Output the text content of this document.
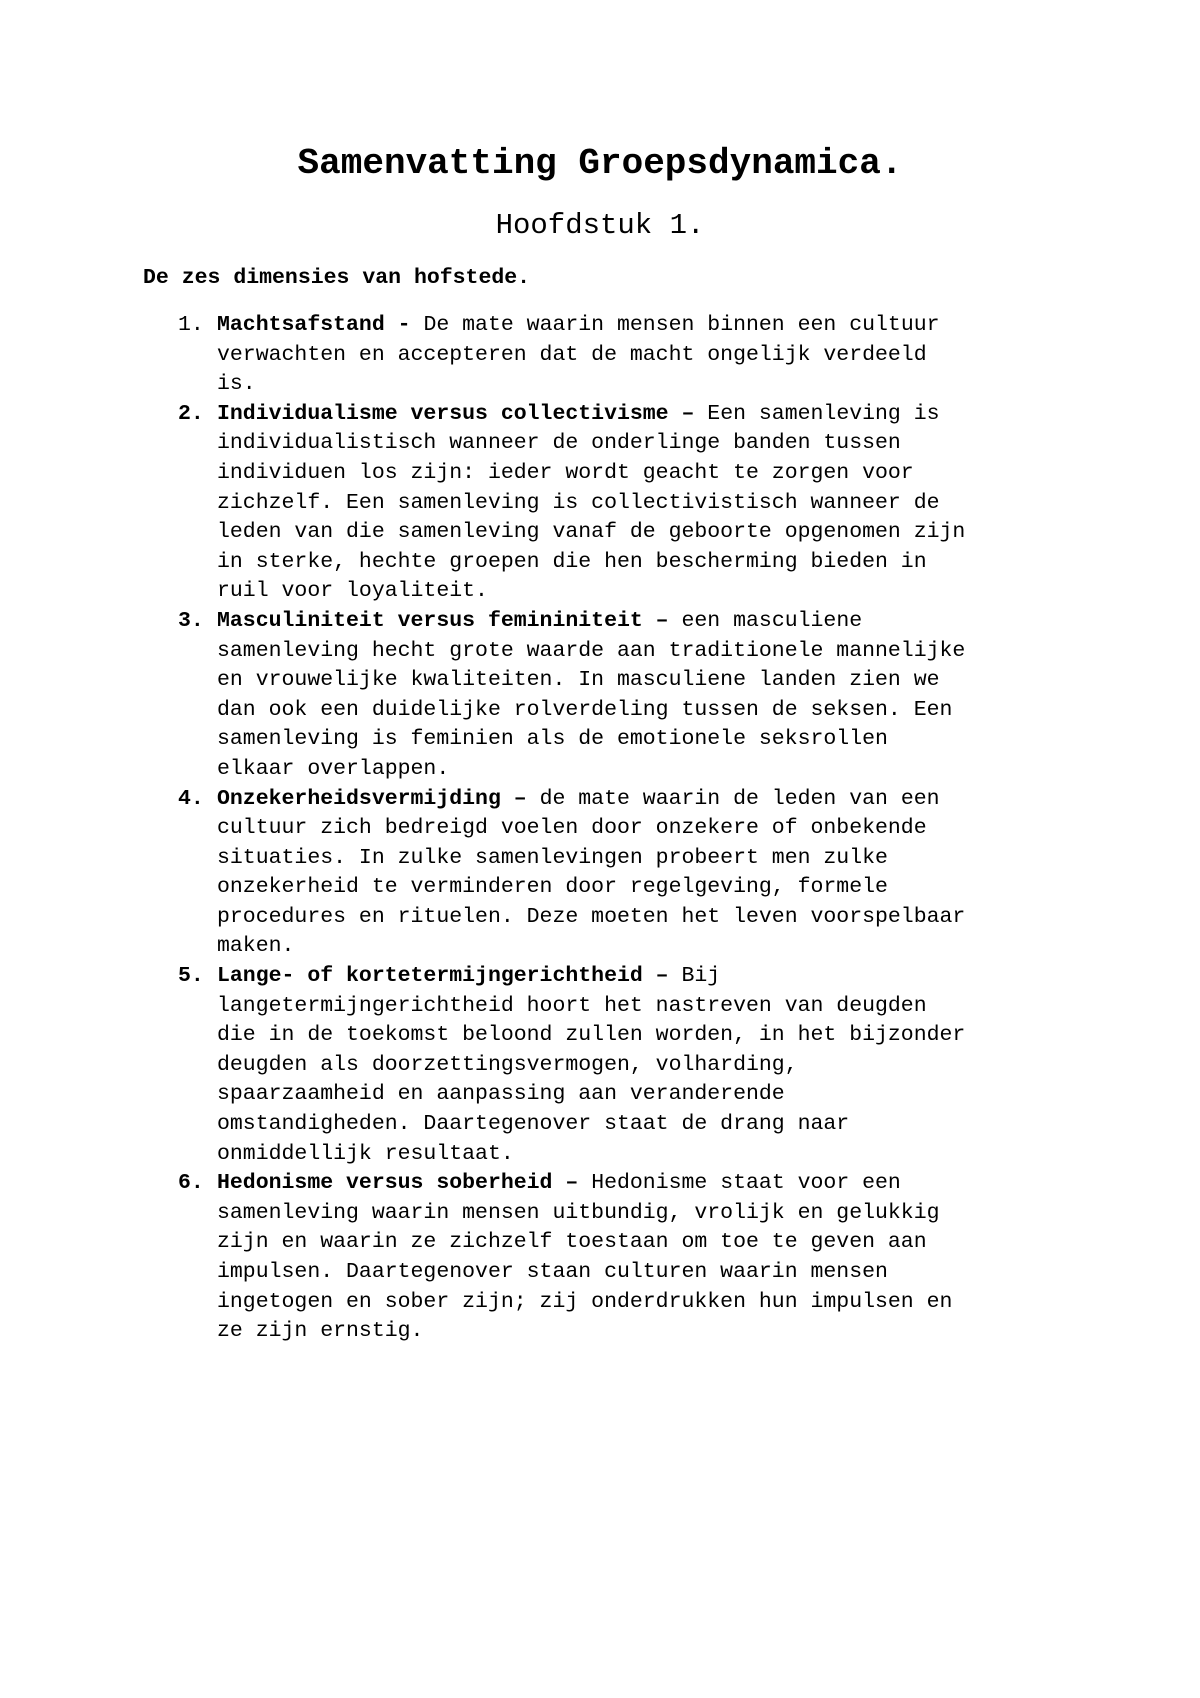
Samenvatting Groepsdynamica.
Hoofdstuk 1.

De zes dimensies van hofstede.

1. Machtsafstand - De mate waarin mensen binnen een cultuur
verwachten en accepteren dat de macht ongelijk verdeeld
is.
2. Individualisme versus collectivisme – Een samenleving is
individualistisch wanneer de onderlinge banden tussen
individuen los zijn: ieder wordt geacht te zorgen voor
zichzelf. Een samenleving is collectivistisch wanneer de
leden van die samenleving vanaf de geboorte opgenomen zijn
in sterke, hechte groepen die hen bescherming bieden in
ruil voor loyaliteit.
3. Masculiniteit versus femininiteit – een masculiene
samenleving hecht grote waarde aan traditionele mannelijke
en vrouwelijke kwaliteiten. In masculiene landen zien we
dan ook een duidelijke rolverdeling tussen de seksen. Een
samenleving is feminien als de emotionele seksrollen
elkaar overlappen.
4. Onzekerheidsvermijding – de mate waarin de leden van een
cultuur zich bedreigd voelen door onzekere of onbekende
situaties. In zulke samenlevingen probeert men zulke
onzekerheid te verminderen door regelgeving, formele
procedures en rituelen. Deze moeten het leven voorspelbaar
maken.
5. Lange- of kortetermijngerichtheid – Bij
langetermijngerichtheid hoort het nastreven van deugden
die in de toekomst beloond zullen worden, in het bijzonder
deugden als doorzettingsvermogen, volharding,
spaarzaamheid en aanpassing aan veranderende
omstandigheden. Daartegenover staat de drang naar
onmiddellijk resultaat.
6. Hedonisme versus soberheid – Hedonisme staat voor een
samenleving waarin mensen uitbundig, vrolijk en gelukkig
zijn en waarin ze zichzelf toestaan om toe te geven aan
impulsen. Daartegenover staan culturen waarin mensen
ingetogen en sober zijn; zij onderdrukken hun impulsen en
ze zijn ernstig.
